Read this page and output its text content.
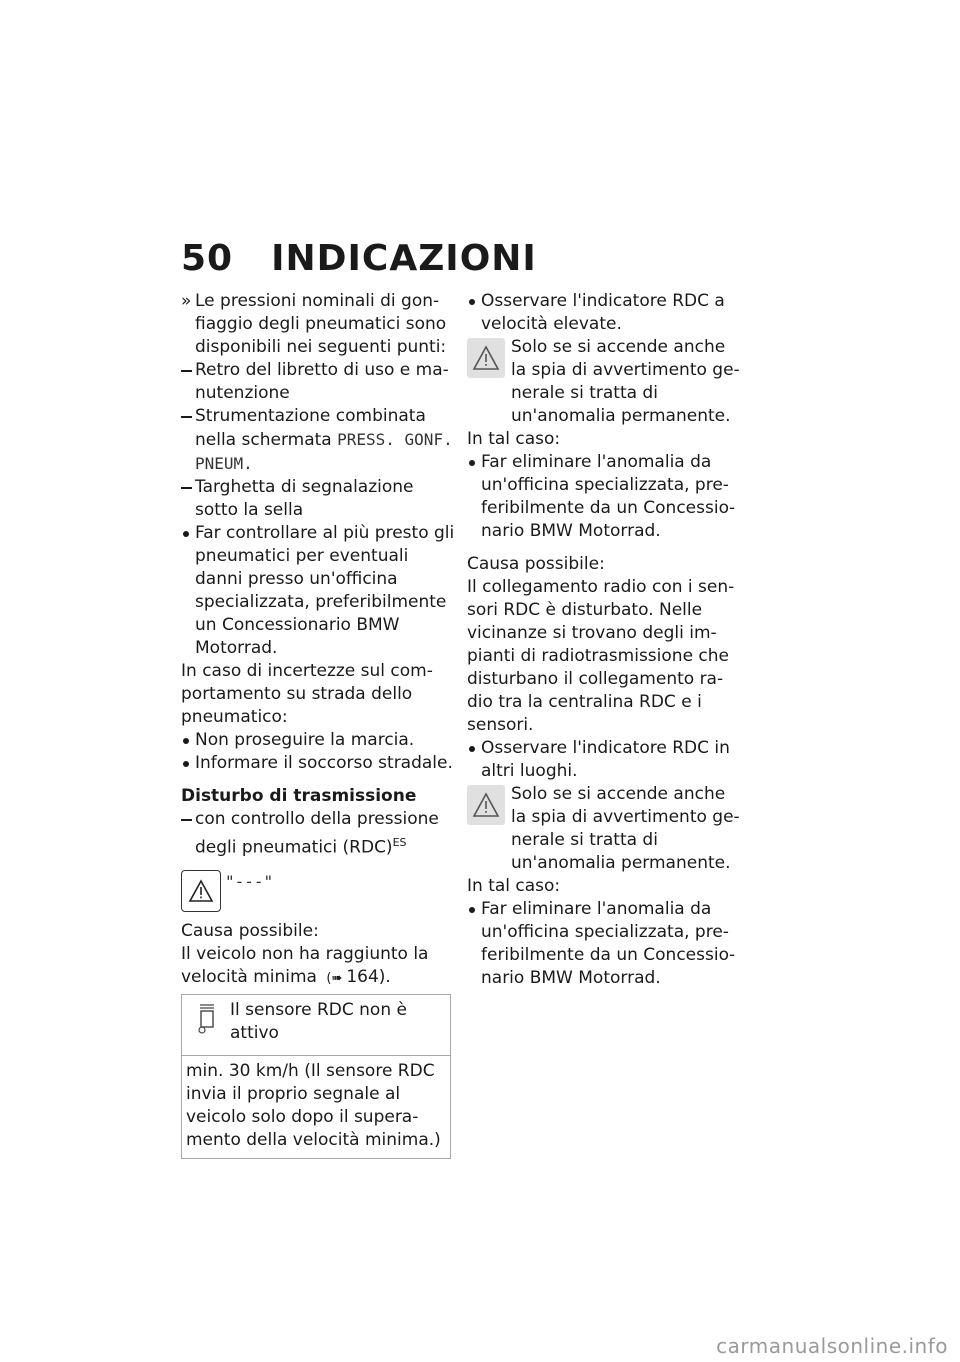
50 INDICAZIONI
» Le pressioni nominali di gonfiaggio degli pneumatici sono disponibili nei seguenti punti:
Retro del libretto di uso e manutenzione
Strumentazione combinata nella schermata PRESS. GONF. PNEUM.
Targhetta di segnalazione sotto la sella
Far controllare al più presto gli pneumatici per eventuali danni presso un'officina specializzata, preferibilmente un Concessionario BMW Motorrad.
In caso di incertezze sul comportamento su strada dello pneumatico:
Non proseguire la marcia.
Informare il soccorso stradale.
Disturbo di trasmissione
con controllo della pressione degli pneumatici (RDC)$^{ES}$
"---"
Causa possibile:
Il veicolo non ha raggiunto la velocità minima (➠ 164).
Il sensore RDC non è attivo
min. 30 km/h (Il sensore RDC invia il proprio segnale al veicolo solo dopo il superamento della velocità minima.)
Osservare l'indicatore RDC a velocità elevate.
Solo se si accende anche la spia di avvertimento generale si tratta di un'anomalia permanente.
In tal caso:
Far eliminare l'anomalia da un'officina specializzata, preferibilmente da un Concessionario BMW Motorrad.
Causa possibile:
Il collegamento radio con i sensori RDC è disturbato. Nelle vicinanze si trovano degli impianti di radiotrasmissione che disturbano il collegamento radio tra la centralina RDC e i sensori.
Osservare l'indicatore RDC in altri luoghi.
Solo se si accende anche la spia di avvertimento generale si tratta di un'anomalia permanente.
In tal caso:
Far eliminare l'anomalia da un'officina specializzata, preferibilmente da un Concessionario BMW Motorrad.
carmanualsonline.info
